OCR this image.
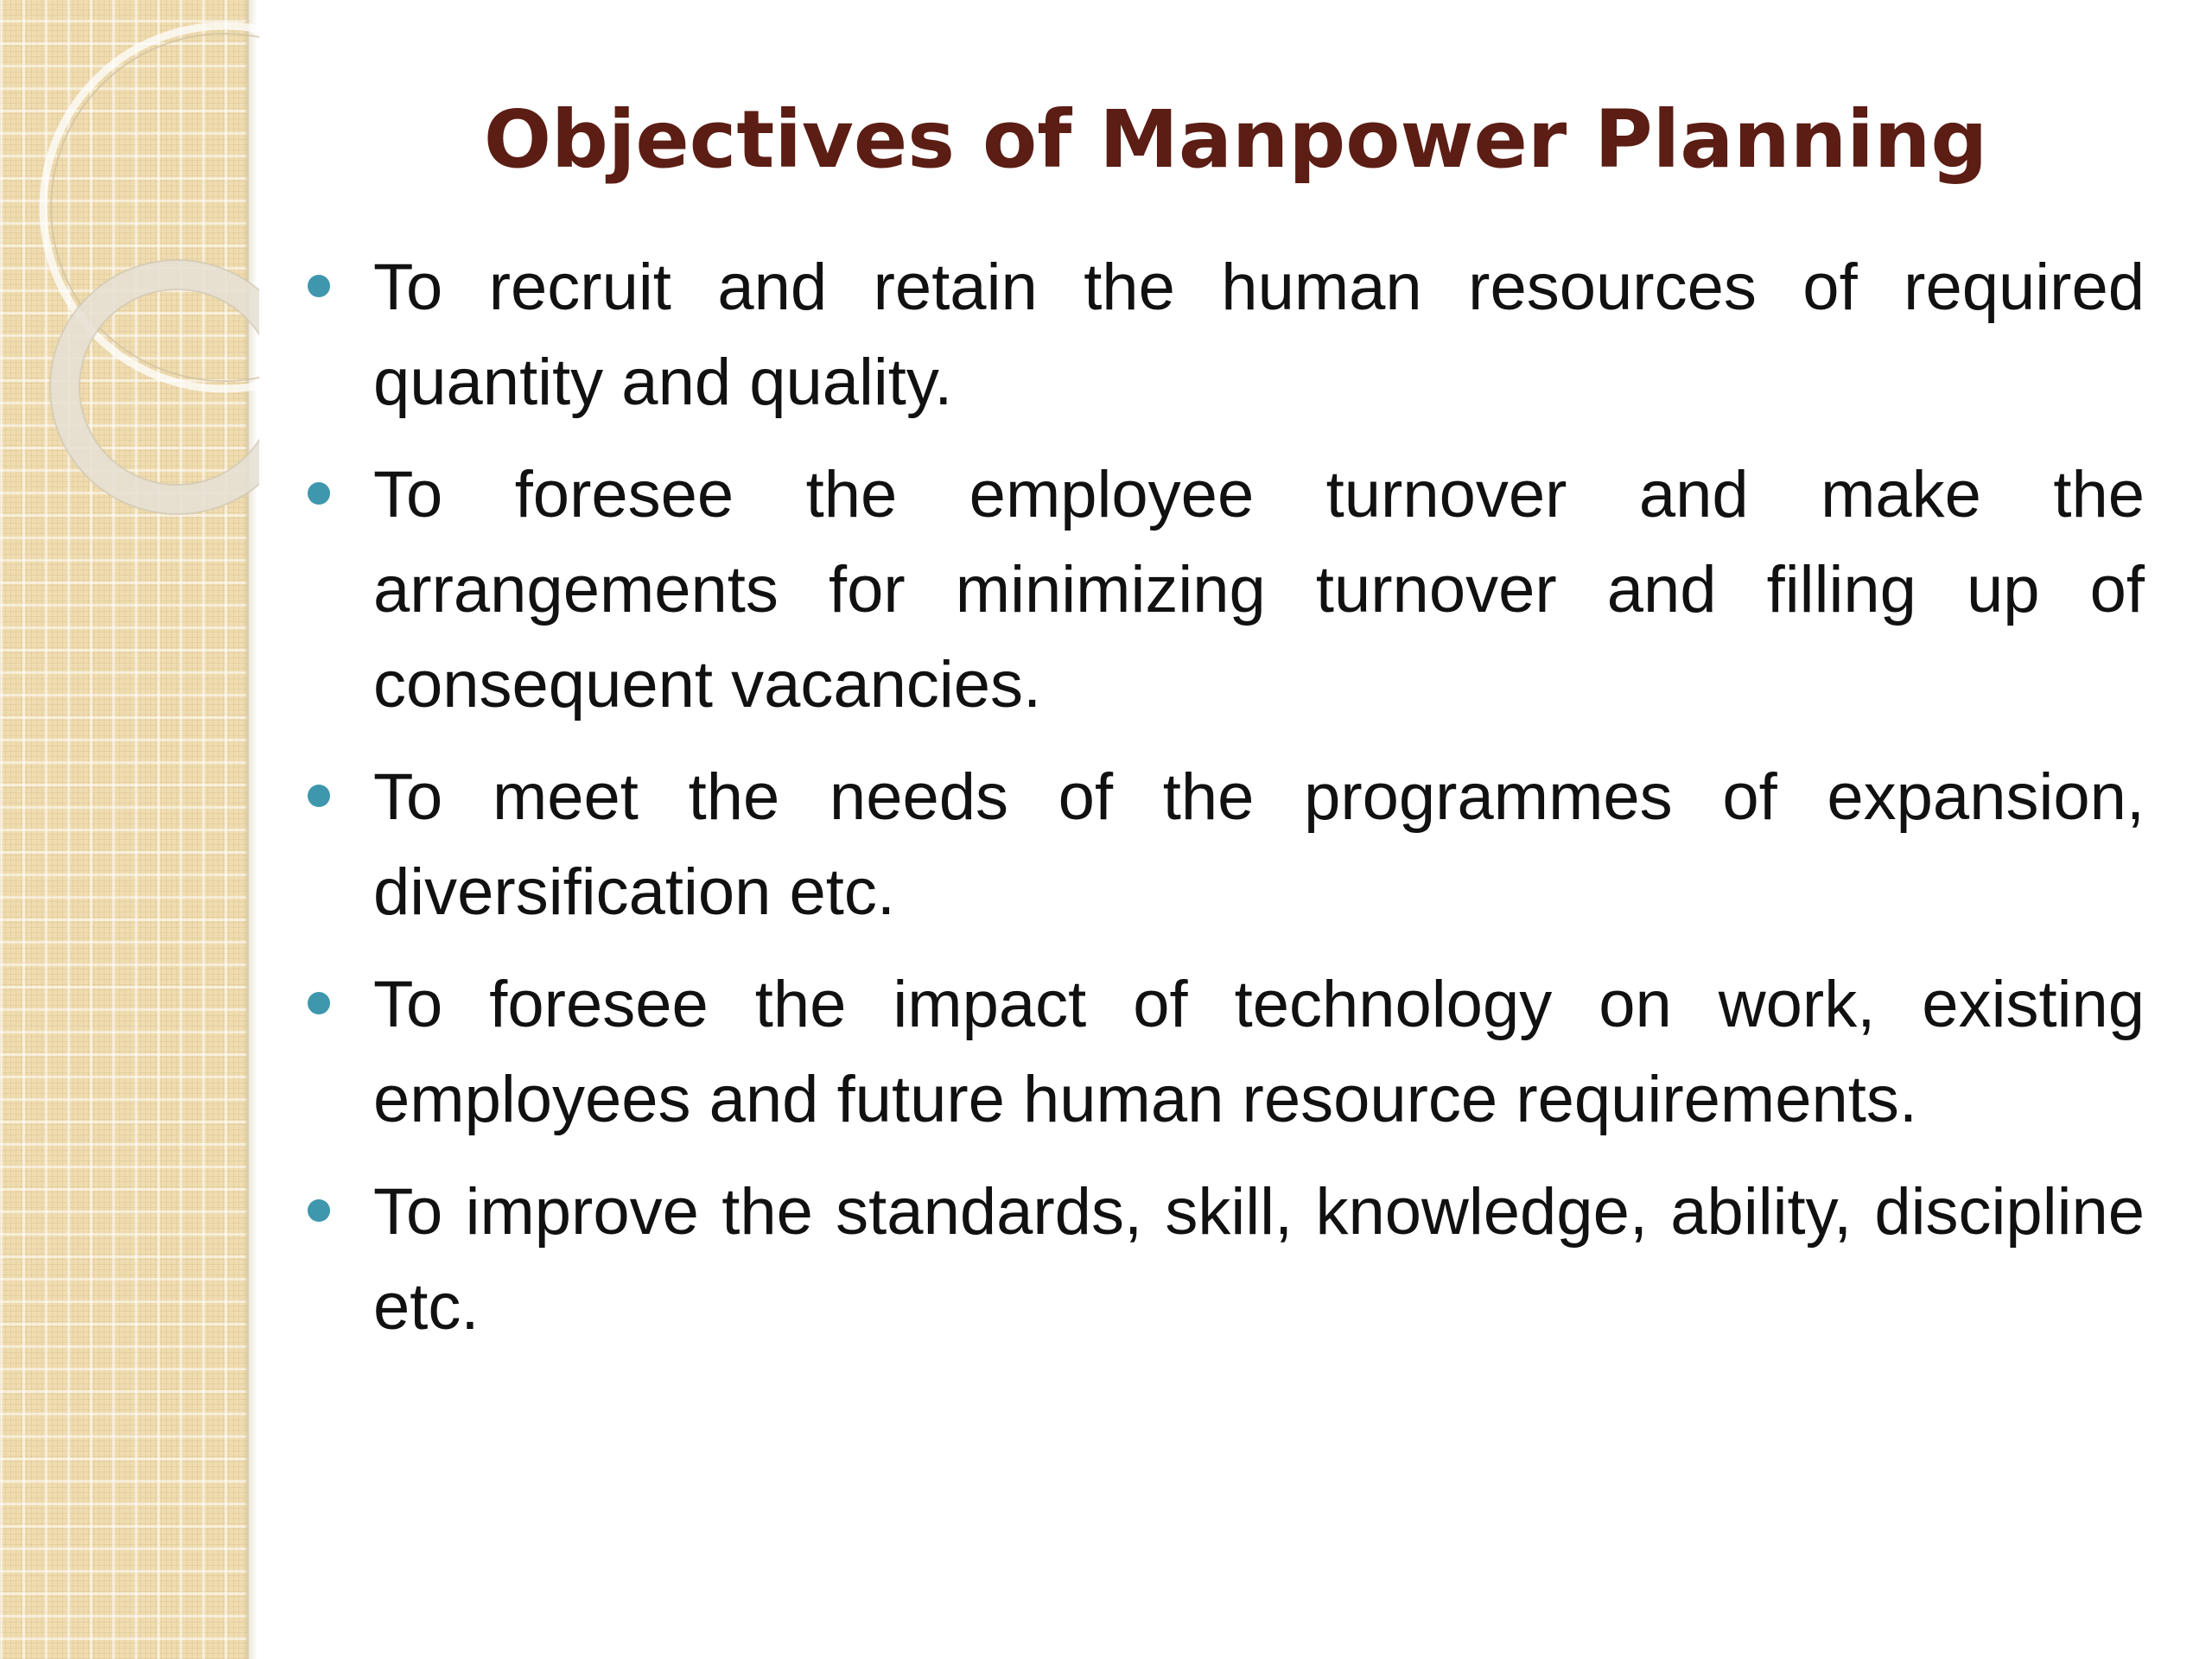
Objectives of Manpower Planning
To recruit and retain the human resources of required quantity and quality.
To foresee the employee turnover and make the arrangements for minimizing turnover and filling up of consequent vacancies.
To meet the needs of the programmes of expansion, diversification etc.
To foresee the impact of technology on work, existing employees and future human resource requirements.
To improve the standards, skill, knowledge, ability, discipline etc.
